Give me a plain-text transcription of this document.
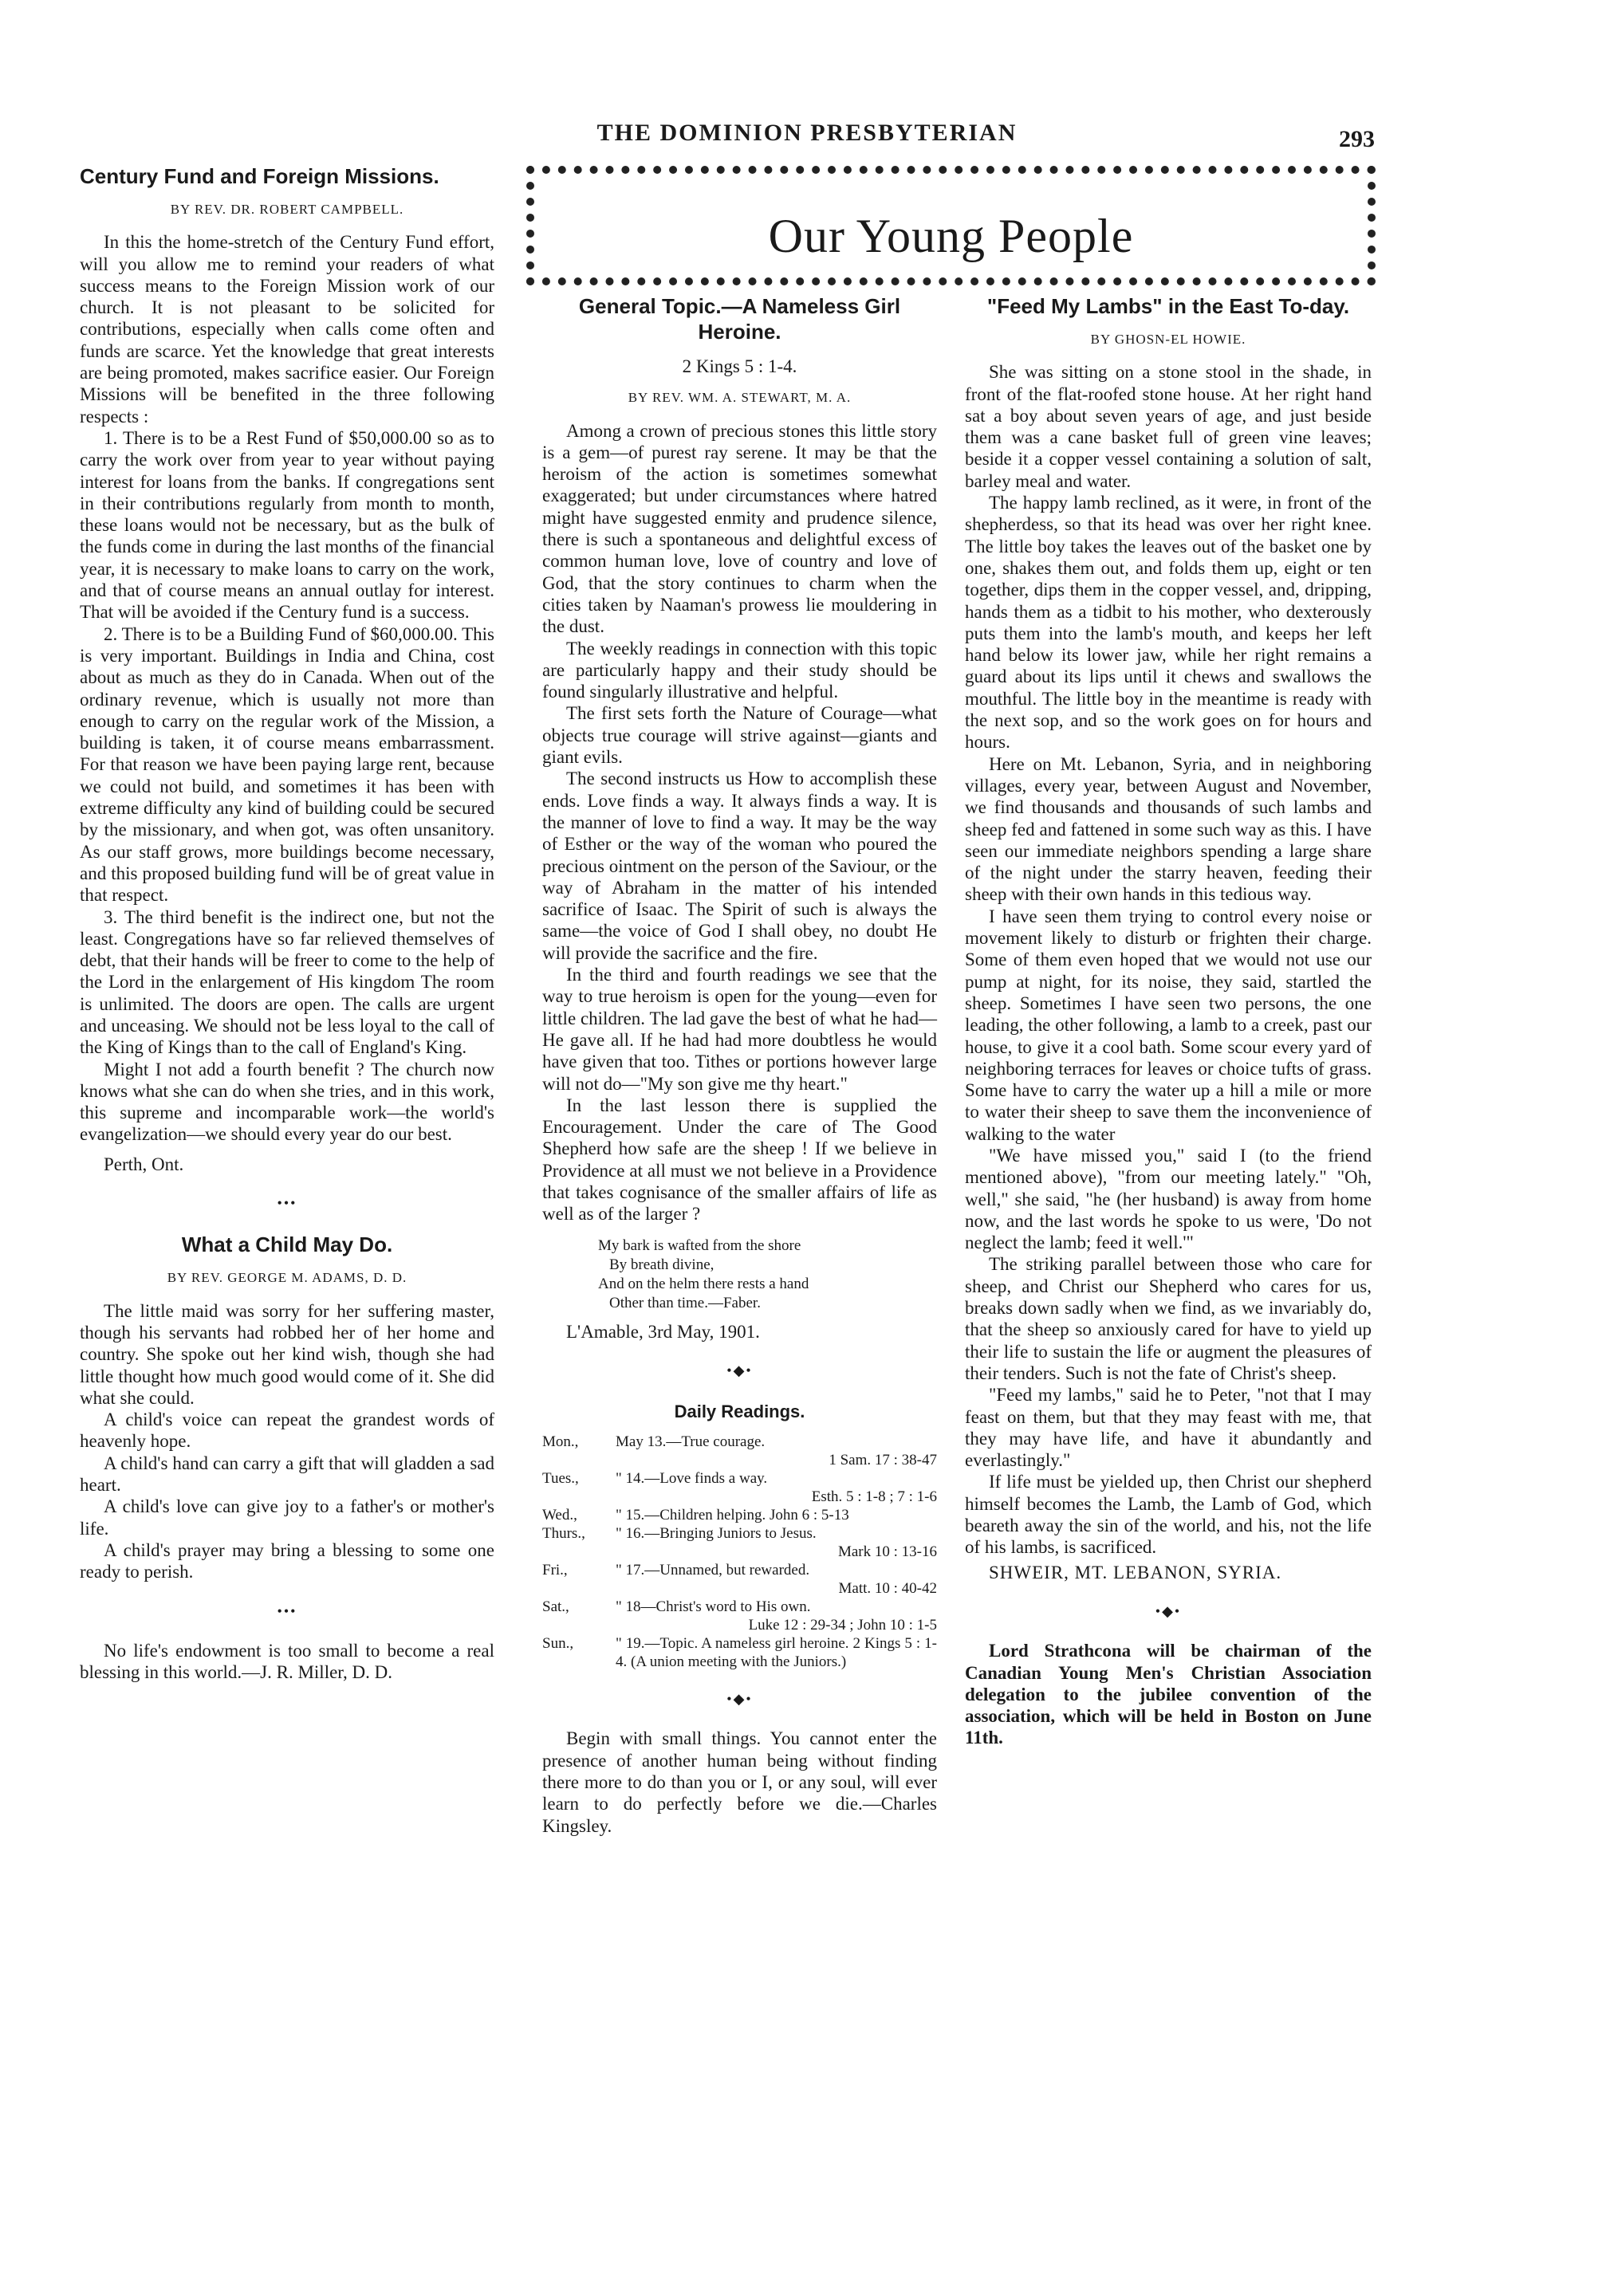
THE DOMINION PRESBYTERIAN	293
Our Young People
Century Fund and Foreign Missions.
BY REV. DR. ROBERT CAMPBELL.

In this the home-stretch of the Century Fund effort, will you allow me to remind your readers of what success means to the Foreign Mission work of our church. It is not pleasant to be solicited for contributions, especially when calls come often and funds are scarce. Yet the knowledge that great interests are being promoted, makes sacrifice easier. Our Foreign Missions will be benefited in the three following respects :

1. There is to be a Rest Fund of $50,000.00 so as to carry the work over from year to year without paying interest for loans from the banks. If congregations sent in their contributions regularly from month to month, these loans would not be necessary, but as the bulk of the funds come in during the last months of the financial year, it is necessary to make loans to carry on the work, and that of course means an annual outlay for interest. That will be avoided if the Century fund is a success.

2. There is to be a Building Fund of $60,000.00. This is very important. Buildings in India and China, cost about as much as they do in Canada. When out of the ordinary revenue, which is usually not more than enough to carry on the regular work of the Mission, a building is taken, it of course means embarrassment. For that reason we have been paying large rent, because we could not build, and sometimes it has been with extreme difficulty any kind of building could be secured by the missionary, and when got, was often unsanitory. As our staff grows, more buildings become necessary, and this proposed building fund will be of great value in that respect.

3. The third benefit is the indirect one, but not the least. Congregations have so far relieved themselves of debt, that their hands will be freer to come to the help of the Lord in the enlargement of His kingdom The room is unlimited. The doors are open. The calls are urgent and unceasing. We should not be less loyal to the call of the King of Kings than to the call of England's King.

Might I not add a fourth benefit ? The church now knows what she can do when she tries, and in this work, this supreme and incomparable work—the world's evangelization—we should every year do our best.

Perth, Ont.
•••
What a Child May Do.
BY REV. GEORGE M. ADAMS, D. D.

The little maid was sorry for her suffering master, though his servants had robbed her of her home and country. She spoke out her kind wish, though she had little thought how much good would come of it. She did what she could.

A child's voice can repeat the grandest words of heavenly hope.

A child's hand can carry a gift that will gladden a sad heart.

A child's love can give joy to a father's or mother's life.

A child's prayer may bring a blessing to some one ready to perish.

•••

No life's endowment is too small to become a real blessing in this world.—J. R. Miller, D. D.

General Topic.—A Nameless Girl Heroine.
2 Kings 5 : 1-4.
BY REV. WM. A. STEWART, M. A.

Among a crown of precious stones this little story is a gem—of purest ray serene. It may be that the heroism of the action is sometimes somewhat exaggerated; but under circumstances where hatred might have suggested enmity and prudence silence, there is such a spontaneous and delightful excess of common human love, love of country and love of God, that the story continues to charm when the cities taken by Naaman's prowess lie mouldering in the dust.

The weekly readings in connection with this topic are particularly happy and their study should be found singularly illustrative and helpful.

The first sets forth the Nature of Courage—what objects true courage will strive against—giants and giant evils.

The second instructs us How to accomplish these ends. Love finds a way. It always finds a way. It is the manner of love to find a way. It may be the way of Esther or the way of the woman who poured the precious ointment on the person of the Saviour, or the way of Abraham in the matter of his intended sacrifice of Isaac. The Spirit of such is always the same—the voice of God I shall obey, no doubt He will provide the sacrifice and the fire.

In the third and fourth readings we see that the way to true heroism is open for the young—even for little children. The lad gave the best of what he had—He gave all. If he had had more doubtless he would have given that too. Tithes or portions however large will not do—"My son give me thy heart."

In the last lesson there is supplied the Encouragement. Under the care of The Good Shepherd how safe are the sheep ! If we believe in Providence at all must we not believe in a Providence that takes cognisance of the smaller affairs of life as well as of the larger ?

My bark is wafted from the shore
By breath divine,
And on the helm there rests a hand
Other than time.—Faber.
L'Amable, 3rd May, 1901.
•◆•
Daily Readings.
Mon.,	May 13.—True courage.
1 Sam. 17 : 38-47
Tues.,	" 14.—Love finds a way.
Esth. 5 : 1-8 ; 7 : 1-6
Wed.,	" 15.—Children helping. John 6 : 5-13
Thurs.,	" 16.—Bringing Juniors to Jesus.
Mark 10 : 13-16
Fri.,	" 17.—Unnamed, but rewarded.
Matt. 10 : 40-42
Sat.,	" 18—Christ's word to His own.
Luke 12 : 29-34 ; John 10 : 1-5
Sun.,	" 19.—Topic. A nameless girl heroine. 2 Kings 5 : 1-4. (A union meeting with the Juniors.)
•◆•

Begin with small things. You cannot enter the presence of another human being without finding there more to do than you or I, or any soul, will ever learn to do perfectly before we die.—Charles Kingsley.

"Feed My Lambs" in the East To-day.
BY GHOSN-EL HOWIE.

She was sitting on a stone stool in the shade, in front of the flat-roofed stone house. At her right hand sat a boy about seven years of age, and just beside them was a cane basket full of green vine leaves; beside it a copper vessel containing a solution of salt, barley meal and water.

The happy lamb reclined, as it were, in front of the shepherdess, so that its head was over her right knee. The little boy takes the leaves out of the basket one by one, shakes them out, and folds them up, eight or ten together, dips them in the copper vessel, and, dripping, hands them as a tidbit to his mother, who dexterously puts them into the lamb's mouth, and keeps her left hand below its lower jaw, while her right remains a guard about its lips until it chews and swallows the mouthful. The little boy in the meantime is ready with the next sop, and so the work goes on for hours and hours.

Here on Mt. Lebanon, Syria, and in neighboring villages, every year, between August and November, we find thousands and thousands of such lambs and sheep fed and fattened in some such way as this. I have seen our immediate neighbors spending a large share of the night under the starry heaven, feeding their sheep with their own hands in this tedious way.

I have seen them trying to control every noise or movement likely to disturb or frighten their charge. Some of them even hoped that we would not use our pump at night, for its noise, they said, startled the sheep. Sometimes I have seen two persons, the one leading, the other following, a lamb to a creek, past our house, to give it a cool bath. Some scour every yard of neighboring terraces for leaves or choice tufts of grass. Some have to carry the water up a hill a mile or more to water their sheep to save them the inconvenience of walking to the water

"We have missed you," said I (to the friend mentioned above), "from our meeting lately." "Oh, well," she said, "he (her husband) is away from home now, and the last words he spoke to us were, 'Do not neglect the lamb; feed it well.'"

The striking parallel between those who care for sheep, and Christ our Shepherd who cares for us, breaks down sadly when we find, as we invariably do, that the sheep so anxiously cared for have to yield up their life to sustain the life or augment the pleasures of their tenders. Such is not the fate of Christ's sheep.

"Feed my lambs," said he to Peter, "not that I may feast on them, but that they may feast with me, that they may have life, and have it abundantly and everlastingly."

If life must be yielded up, then Christ our shepherd himself becomes the Lamb, the Lamb of God, which beareth away the sin of the world, and his, not the life of his lambs, is sacrificed.

SHWEIR, MT. LEBANON, SYRIA.
•◆•

Lord Strathcona will be chairman of the Canadian Young Men's Christian Association delegation to the jubilee convention of the association, which will be held in Boston on June 11th.
